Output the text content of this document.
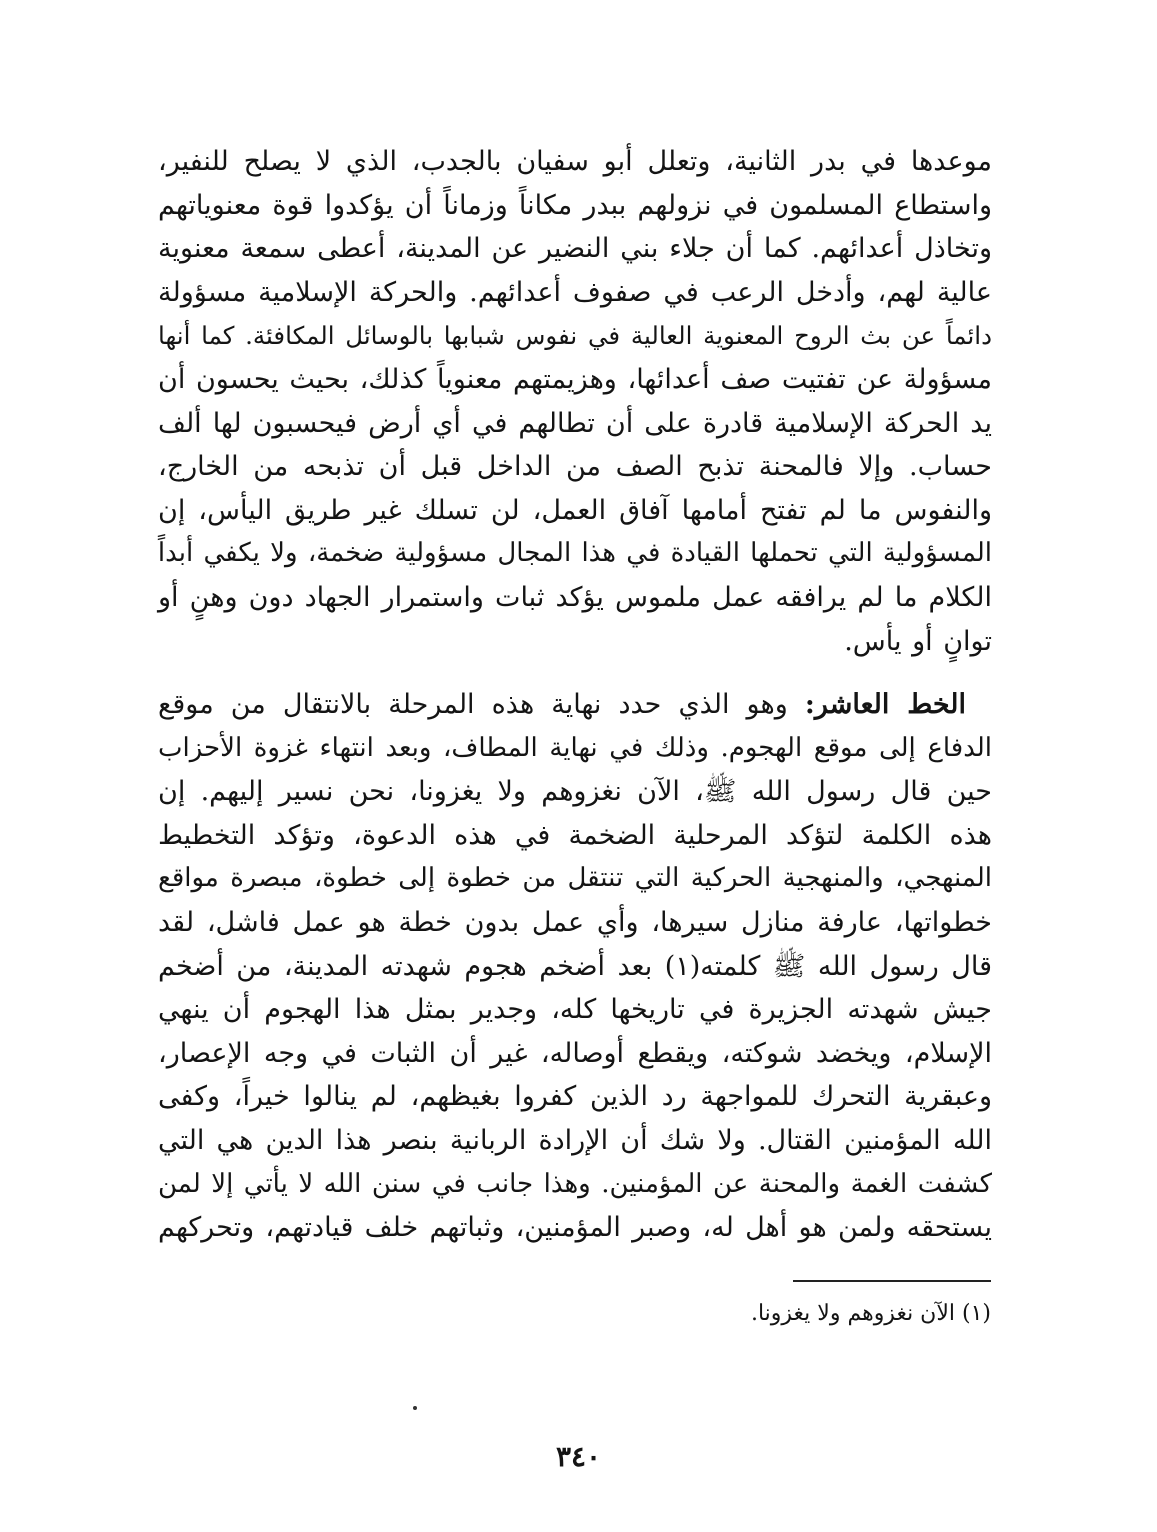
موعدها في بدر الثانية، وتعلل أبو سفيان بالجدب، الذي لا يصلح للنفير،
واستطاع المسلمون في نزولهم ببدر مكاناً وزماناً أن يؤكدوا قوة معنوياتهم
وتخاذل أعدائهم. كما أن جلاء بني النضير عن المدينة، أعطى سمعة معنوية
عالية لهم، وأدخل الرعب في صفوف أعدائهم. والحركة الإسلامية مسؤولة
دائماً عن بث الروح المعنوية العالية في نفوس شبابها بالوسائل المكافئة. كما أنها
مسؤولة عن تفتيت صف أعدائها، وهزيمتهم معنوياً كذلك، بحيث يحسون أن
يد الحركة الإسلامية قادرة على أن تطالهم في أي أرض فيحسبون لها ألف
حساب. وإلا فالمحنة تذبح الصف من الداخل قبل أن تذبحه من الخارج،
والنفوس ما لم تفتح أمامها آفاق العمل، لن تسلك غير طريق اليأس، إن
المسؤولية التي تحملها القيادة في هذا المجال مسؤولية ضخمة، ولا يكفي أبداً
الكلام ما لم يرافقه عمل ملموس يؤكد ثبات واستمرار الجهاد دون وهنٍ أو
توانٍ أو يأس.
الخط العاشر: وهو الذي حدد نهاية هذه المرحلة بالانتقال من موقع
الدفاع إلى موقع الهجوم. وذلك في نهاية المطاف، وبعد انتهاء غزوة الأحزاب
حين قال رسول الله ﷺ، الآن نغزوهم ولا يغزونا، نحن نسير إليهم. إن
هذه الكلمة لتؤكد المرحلية الضخمة في هذه الدعوة، وتؤكد التخطيط
المنهجي، والمنهجية الحركية التي تنتقل من خطوة إلى خطوة، مبصرة مواقع
خطواتها، عارفة منازل سيرها، وأي عمل بدون خطة هو عمل فاشل، لقد
قال رسول الله ﷺ كلمته(١) بعد أضخم هجوم شهدته المدينة، من أضخم
جيش شهدته الجزيرة في تاريخها كله، وجدير بمثل هذا الهجوم أن ينهي
الإسلام، ويخضد شوكته، ويقطع أوصاله، غير أن الثبات في وجه الإعصار،
وعبقرية التحرك للمواجهة رد الذين كفروا بغيظهم، لم ينالوا خيراً، وكفى
الله المؤمنين القتال. ولا شك أن الإرادة الربانية بنصر هذا الدين هي التي
كشفت الغمة والمحنة عن المؤمنين. وهذا جانب في سنن الله لا يأتي إلا لمن
يستحقه ولمن هو أهل له، وصبر المؤمنين، وثباتهم خلف قيادتهم، وتحركهم
(١) الآن نغزوهم ولا يغزونا.
٣٤٠
